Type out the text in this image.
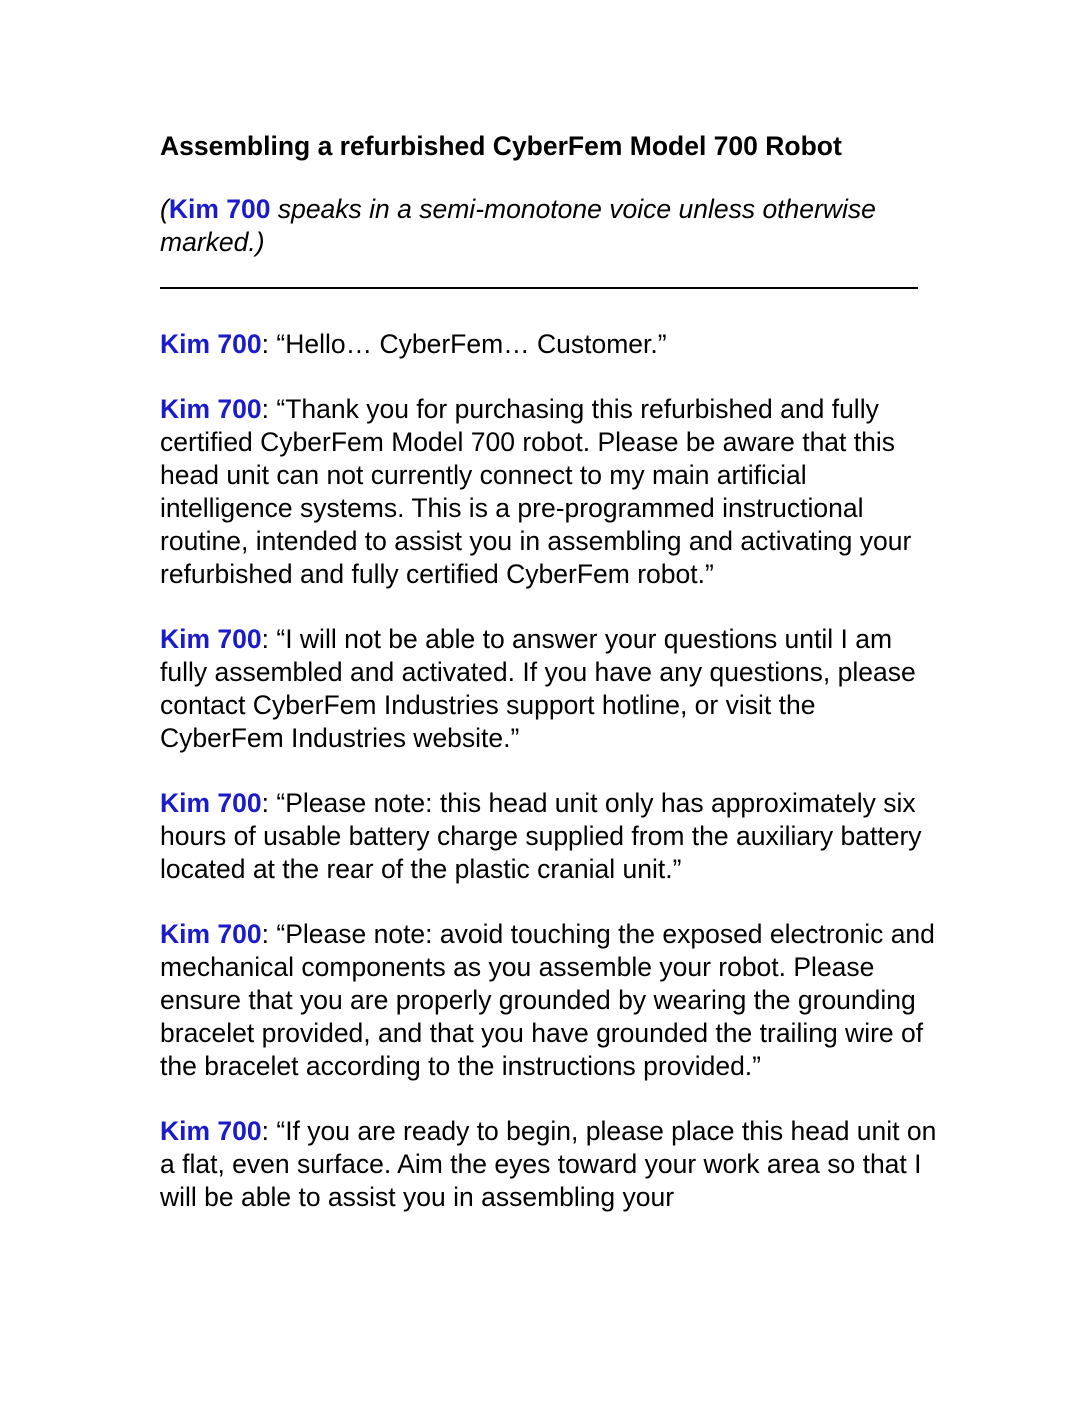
Assembling a refurbished CyberFem Model 700 Robot

(Kim 700 speaks in a semi-monotone voice unless otherwise marked.)

Kim 700: “Hello… CyberFem… Customer.”

Kim 700: “Thank you for purchasing this refurbished and fully certified CyberFem Model 700 robot. Please be aware that this head unit can not currently connect to my main artificial intelligence systems. This is a pre-programmed instructional routine, intended to assist you in assembling and activating your refurbished and fully certified CyberFem robot.”

Kim 700: “I will not be able to answer your questions until I am fully assembled and activated. If you have any questions, please contact CyberFem Industries support hotline, or visit the CyberFem Industries website.”

Kim 700: “Please note: this head unit only has approximately six hours of usable battery charge supplied from the auxiliary battery located at the rear of the plastic cranial unit.”

Kim 700: “Please note: avoid touching the exposed electronic and mechanical components as you assemble your robot. Please ensure that you are properly grounded by wearing the grounding bracelet provided, and that you have grounded the trailing wire of the bracelet according to the instructions provided.”

Kim 700: “If you are ready to begin, please place this head unit on a flat, even surface. Aim the eyes toward your work area so that I will be able to assist you in assembling your
